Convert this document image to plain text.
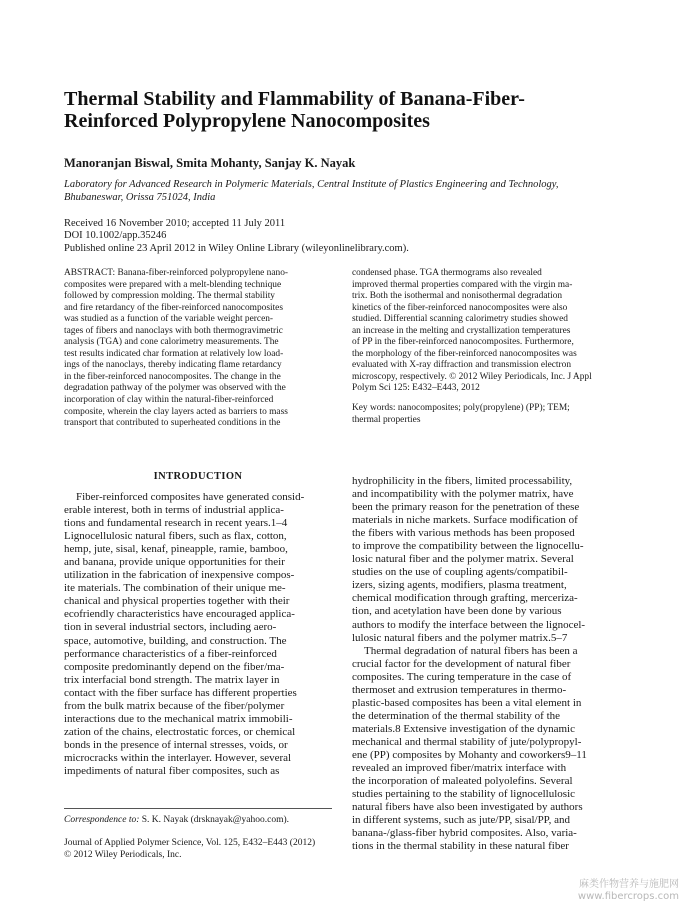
Thermal Stability and Flammability of Banana-Fiber-
Reinforced Polypropylene Nanocomposites
Manoranjan Biswal, Smita Mohanty, Sanjay K. Nayak
Laboratory for Advanced Research in Polymeric Materials, Central Institute of Plastics Engineering and Technology,
Bhubaneswar, Orissa 751024, India
Received 16 November 2010; accepted 11 July 2011
DOI 10.1002/app.35246
Published online 23 April 2012 in Wiley Online Library (wileyonlinelibrary.com).
ABSTRACT: Banana-fiber-reinforced polypropylene nano-
composites were prepared with a melt-blending technique
followed by compression molding. The thermal stability
and fire retardancy of the fiber-reinforced nanocomposites
was studied as a function of the variable weight percen-
tages of fibers and nanoclays with both thermogravimetric
analysis (TGA) and cone calorimetry measurements. The
test results indicated char formation at relatively low load-
ings of the nanoclays, thereby indicating flame retardancy
in the fiber-reinforced nanocomposites. The change in the
degradation pathway of the polymer was observed with the
incorporation of clay within the natural-fiber-reinforced
composite, wherein the clay layers acted as barriers to mass
transport that contributed to superheated conditions in the
condensed phase. TGA thermograms also revealed
improved thermal properties compared with the virgin ma-
trix. Both the isothermal and nonisothermal degradation
kinetics of the fiber-reinforced nanocomposites were also
studied. Differential scanning calorimetry studies showed
an increase in the melting and crystallization temperatures
of PP in the fiber-reinforced nanocomposites. Furthermore,
the morphology of the fiber-reinforced nanocomposites was
evaluated with X-ray diffraction and transmission electron
microscopy, respectively. © 2012 Wiley Periodicals, Inc. J Appl
Polym Sci 125: E432–E443, 2012
Key words: nanocomposites; poly(propylene) (PP); TEM;
thermal properties
INTRODUCTION
Fiber-reinforced composites have generated consid-
erable interest, both in terms of industrial applica-
tions and fundamental research in recent years.1–4
Lignocellulosic natural fibers, such as flax, cotton,
hemp, jute, sisal, kenaf, pineapple, ramie, bamboo,
and banana, provide unique opportunities for their
utilization in the fabrication of inexpensive compos-
ite materials. The combination of their unique me-
chanical and physical properties together with their
ecofriendly characteristics have encouraged applica-
tion in several industrial sectors, including aero-
space, automotive, building, and construction. The
performance characteristics of a fiber-reinforced
composite predominantly depend on the fiber/ma-
trix interfacial bond strength. The matrix layer in
contact with the fiber surface has different properties
from the bulk matrix because of the fiber/polymer
interactions due to the mechanical matrix immobili-
zation of the chains, electrostatic forces, or chemical
bonds in the presence of internal stresses, voids, or
microcracks within the interlayer. However, several
impediments of natural fiber composites, such as
hydrophilicity in the fibers, limited processability,
and incompatibility with the polymer matrix, have
been the primary reason for the penetration of these
materials in niche markets. Surface modification of
the fibers with various methods has been proposed
to improve the compatibility between the lignocellu-
losic natural fiber and the polymer matrix. Several
studies on the use of coupling agents/compatibil-
izers, sizing agents, modifiers, plasma treatment,
chemical modification through grafting, merceriza-
tion, and acetylation have been done by various
authors to modify the interface between the lignocel-
lulosic natural fibers and the polymer matrix.5–7
Thermal degradation of natural fibers has been a
crucial factor for the development of natural fiber
composites. The curing temperature in the case of
thermoset and extrusion temperatures in thermo-
plastic-based composites has been a vital element in
the determination of the thermal stability of the
materials.8 Extensive investigation of the dynamic
mechanical and thermal stability of jute/polypropyl-
ene (PP) composites by Mohanty and coworkers9–11
revealed an improved fiber/matrix interface with
the incorporation of maleated polyolefins. Several
studies pertaining to the stability of lignocellulosic
natural fibers have also been investigated by authors
in different systems, such as jute/PP, sisal/PP, and
banana-/glass-fiber hybrid composites. Also, varia-
tions in the thermal stability in these natural fiber
Correspondence to: S. K. Nayak (drsknayak@yahoo.com).
Journal of Applied Polymer Science, Vol. 125, E432–E443 (2012)
© 2012 Wiley Periodicals, Inc.
麻类作物营养与施肥网
www.fibercrops.com
